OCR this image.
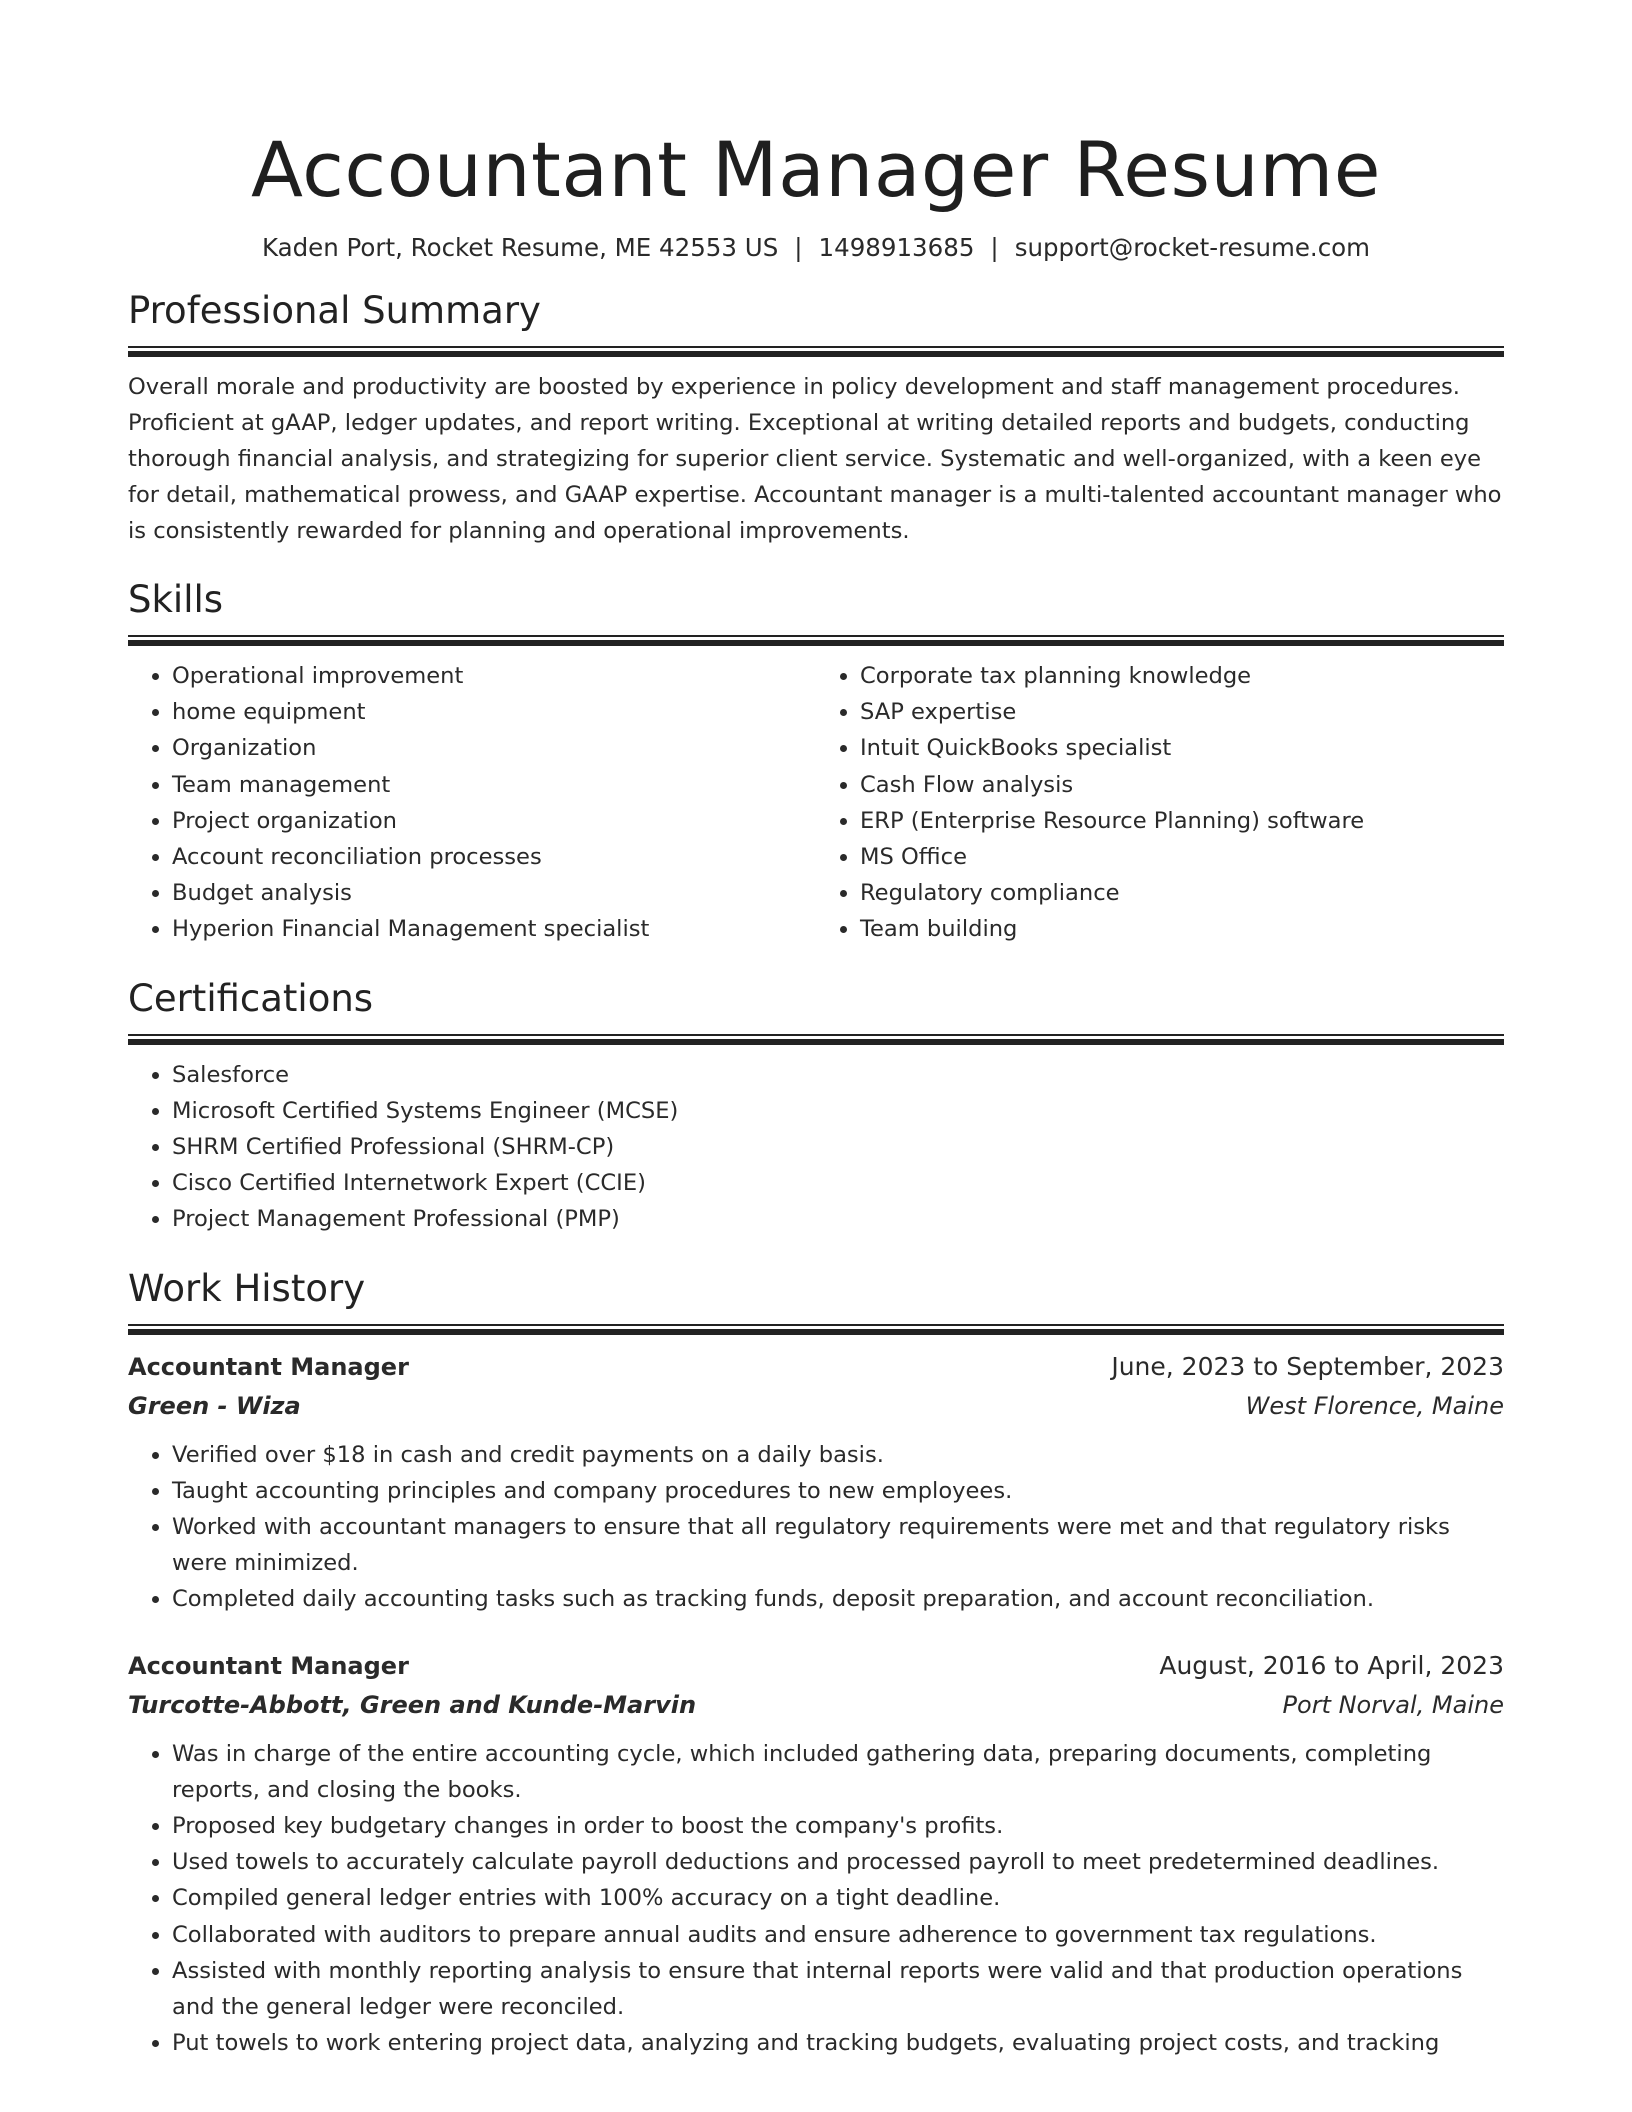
Accountant Manager Resume
Kaden Port, Rocket Resume, ME 42553 US | 1498913685 | support@rocket-resume.com
Professional Summary

Overall morale and productivity are boosted by experience in policy development and staff management procedures. Proficient at gAAP, ledger updates, and report writing. Exceptional at writing detailed reports and budgets, conducting thorough financial analysis, and strategizing for superior client service. Systematic and well-organized, with a keen eye for detail, mathematical prowess, and GAAP expertise. Accountant manager is a multi-talented accountant manager who is consistently rewarded for planning and operational improvements.

Skills
• Operational improvement
• home equipment
• Organization
• Team management
• Project organization
• Account reconciliation processes
• Budget analysis
• Hyperion Financial Management specialist
• Corporate tax planning knowledge
• SAP expertise
• Intuit QuickBooks specialist
• Cash Flow analysis
• ERP (Enterprise Resource Planning) software
• MS Office
• Regulatory compliance
• Team building
Certifications
• Salesforce
• Microsoft Certified Systems Engineer (MCSE)
• SHRM Certified Professional (SHRM-CP)
• Cisco Certified Internetwork Expert (CCIE)
• Project Management Professional (PMP)
Work History
Accountant Manager	June, 2023 to September, 2023
Green - Wiza	West Florence, Maine
• Verified over $18 in cash and credit payments on a daily basis.
• Taught accounting principles and company procedures to new employees.
• Worked with accountant managers to ensure that all regulatory requirements were met and that regulatory risks were minimized.
• Completed daily accounting tasks such as tracking funds, deposit preparation, and account reconciliation.
Accountant Manager	August, 2016 to April, 2023
Turcotte-Abbott, Green and Kunde-Marvin	Port Norval, Maine
• Was in charge of the entire accounting cycle, which included gathering data, preparing documents, completing reports, and closing the books.
• Proposed key budgetary changes in order to boost the company's profits.
• Used towels to accurately calculate payroll deductions and processed payroll to meet predetermined deadlines.
• Compiled general ledger entries with 100% accuracy on a tight deadline.
• Collaborated with auditors to prepare annual audits and ensure adherence to government tax regulations.
• Assisted with monthly reporting analysis to ensure that internal reports were valid and that production operations and the general ledger were reconciled.
• Put towels to work entering project data, analyzing and tracking budgets, evaluating project costs, and tracking
